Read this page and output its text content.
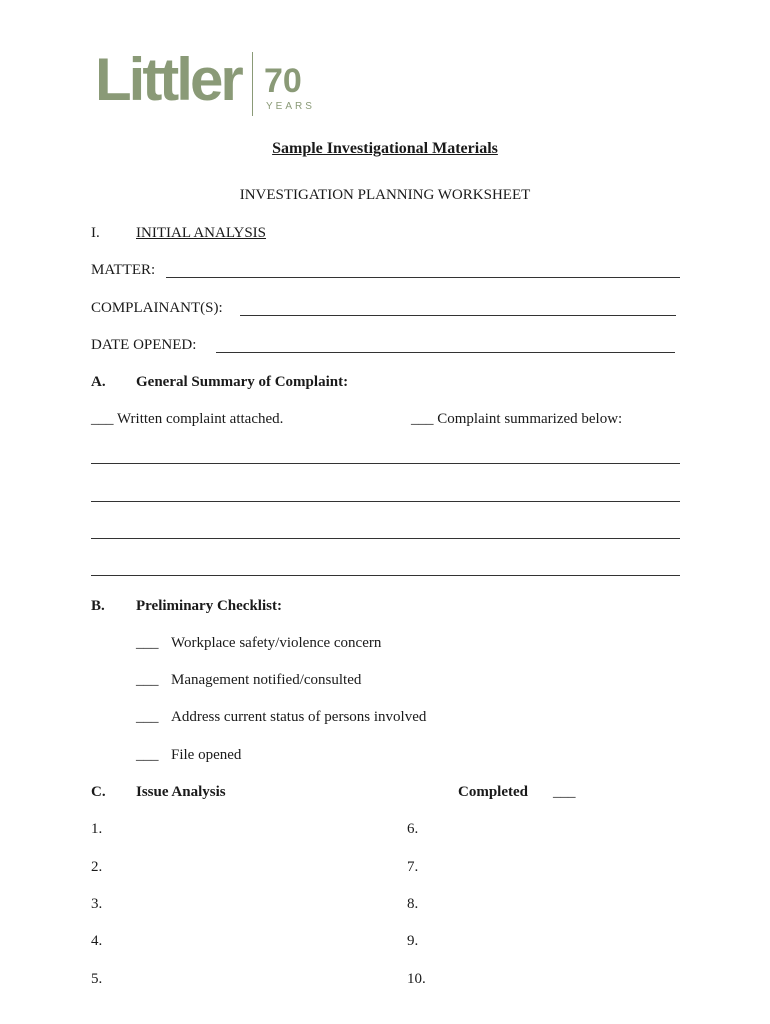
Littler 70
YEARS
Sample Investigational Materials
INVESTIGATION PLANNING WORKSHEET
I. INITIAL ANALYSIS
MATTER:
COMPLAINANT(S):
DATE OPENED:
A. General Summary of Complaint:
___ Written complaint attached.	___ Complaint summarized below:
B. Preliminary Checklist:
___ Workplace safety/violence concern
___ Management notified/consulted
___ Address current status of persons involved
___ File opened
C. Issue Analysis	Completed ___
1.
2.
3.
4.
5.
6.
7.
8.
9.
10.
